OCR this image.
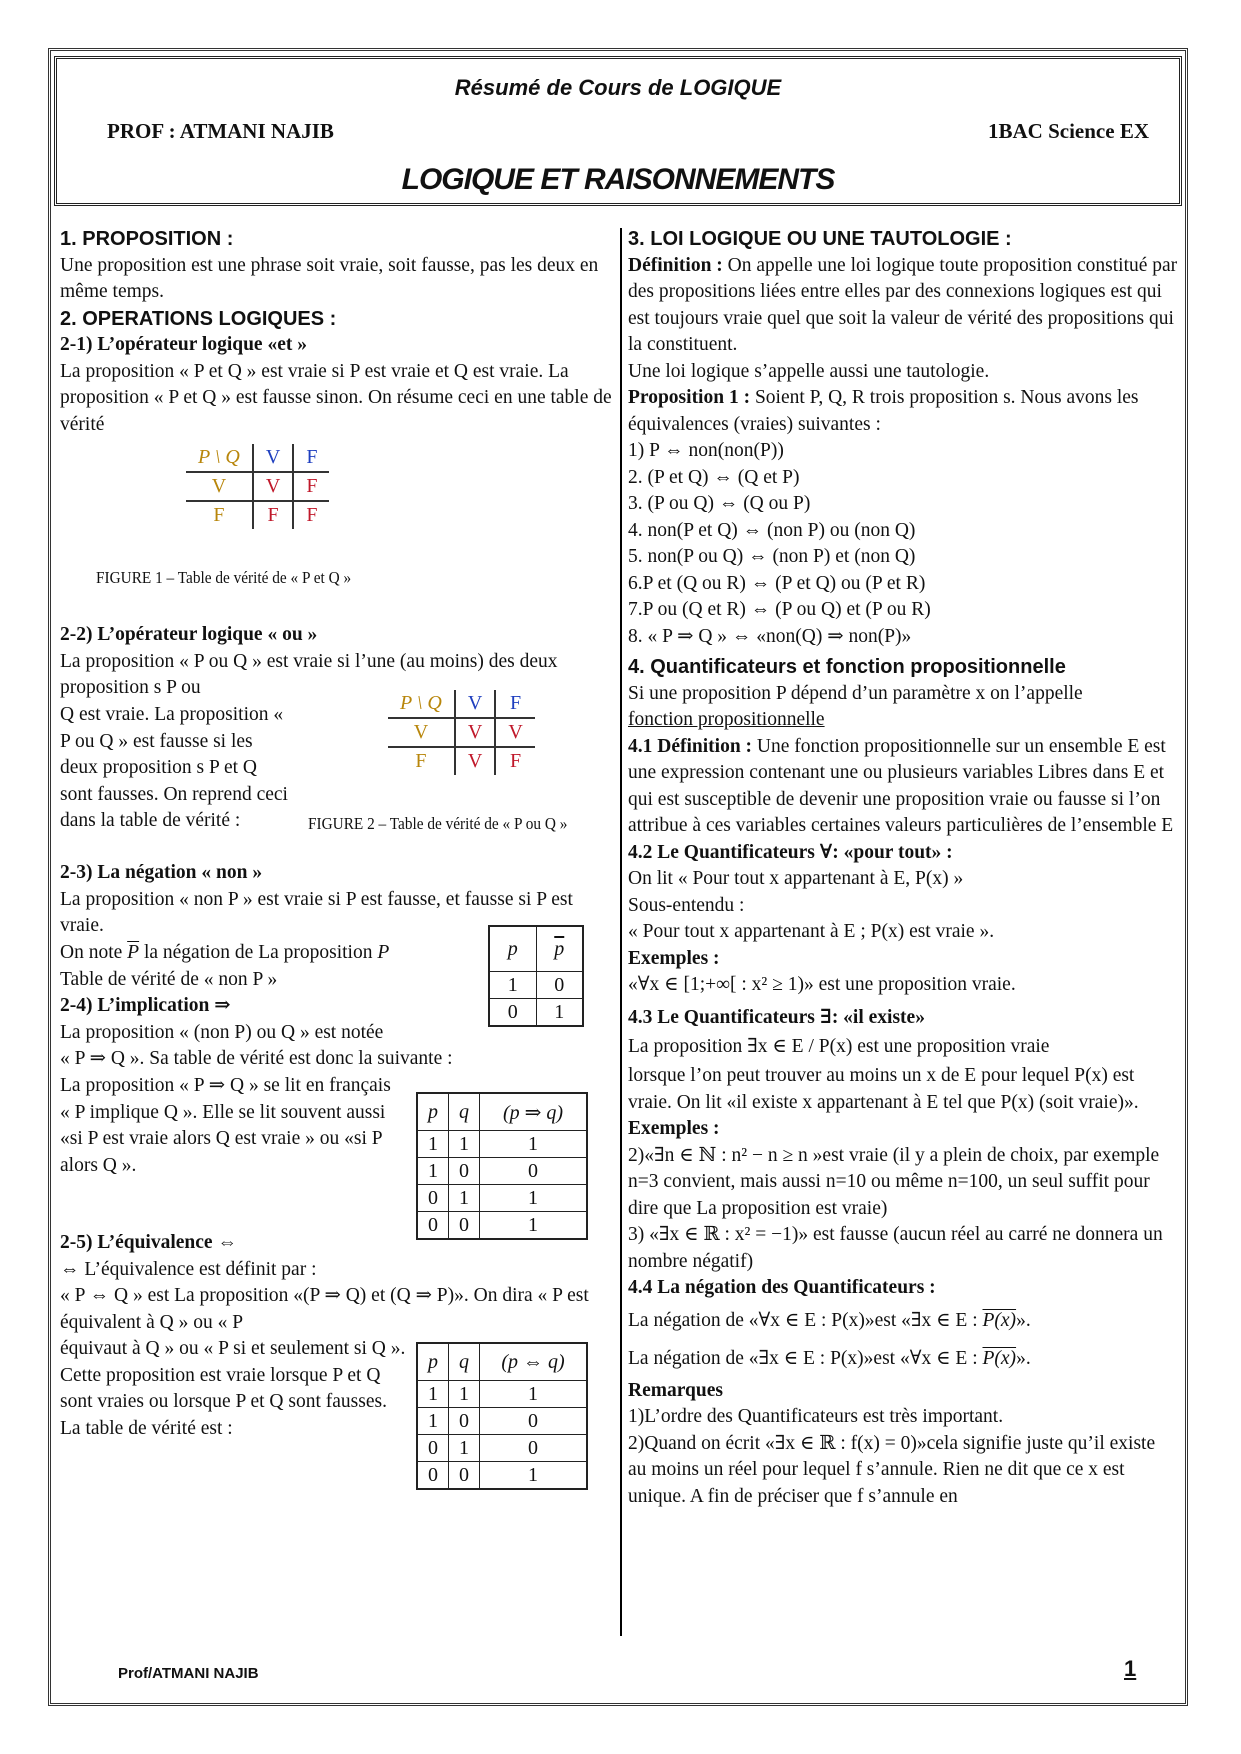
Résumé de Cours de LOGIQUE
PROF : ATMANI NAJIB	1BAC Science EX
LOGIQUE ET RAISONNEMENTS

1. PROPOSITION :

Une proposition est une phrase soit vraie, soit fausse, pas les deux en même temps.

2. OPERATIONS LOGIQUES :

2-1) L’opérateur logique «et »

La proposition « P et Q » est vraie si P est vraie et Q est vraie. La proposition « P et Q » est fausse sinon. On résume ceci en une table de vérité

P \ Q	V	F
V	V	F
F	F	F
FIGURE 1 – Table de vérité de « P et Q »

2-2) L’opérateur logique « ou »

La proposition « P ou Q » est vraie si l’une (au moins) des deux proposition s P ou

Q est vraie. La proposition « P ou Q » est fausse si les deux proposition s P et Q sont fausses. On reprend ceci dans la table de vérité :

P \ Q	V	F
V	V	V
F	V	F
FIGURE 2 – Table de vérité de « P ou Q »

2-3) La négation « non »

La proposition « non P » est vraie si P est fausse, et fausse si P est vraie.

On note $\overline{P}$ la négation de La proposition P

Table de vérité de « non P »

p	$\overline{p}$
1	0
0	1

2-4) L’implication ⇒

La proposition « (non P) ou Q » est notée

« P ⇒ Q ». Sa table de vérité est donc la suivante :

La proposition « P ⇒ Q » se lit en français

« P implique Q ». Elle se lit souvent aussi «si P est vraie alors Q est vraie » ou «si P alors Q ».

p	q	(p ⇒ q)
1	1	1
1	0	0
0	1	1
0	0	1

2-5) L’équivalence ⇔

⇔ L’équivalence est définit par :

« P ⇔ Q » est La proposition «(P ⇒ Q) et (Q ⇒ P)». On dira « P est équivalent à Q » ou « P

équivaut à Q » ou « P si et seulement si Q ». Cette proposition est vraie lorsque P et Q sont vraies ou lorsque P et Q sont fausses. La table de vérité est :

p	q	(p ⇔ q)
1	1	1
1	0	0
0	1	0
0	0	1

3. LOI LOGIQUE OU UNE TAUTOLOGIE :

Définition : On appelle une loi logique toute proposition constitué par des propositions liées entre elles par des connexions logiques est qui est toujours vraie quel que soit la valeur de vérité des propositions qui la constituent.

Une loi logique s’appelle aussi une tautologie.

Proposition 1 : Soient P, Q, R trois proposition s. Nous avons les équivalences (vraies) suivantes :

1) P ⇔ non(non(P))

2. (P et Q) ⇔ (Q et P)

3. (P ou Q) ⇔ (Q ou P)

4. non(P et Q) ⇔ (non P) ou (non Q)

5. non(P ou Q) ⇔ (non P) et (non Q)

6.P et (Q ou R) ⇔ (P et Q) ou (P et R)

7.P ou (Q et R) ⇔ (P ou Q) et (P ou R)

8. « P ⇒ Q » ⇔ «non(Q) ⇒ non(P)»

4. Quantificateurs et fonction propositionnelle

Si une proposition P dépend d’un paramètre x on l’appelle

fonction propositionnelle

4.1 Définition : Une fonction propositionnelle sur un ensemble E est une expression contenant une ou plusieurs variables Libres dans E et qui est susceptible de devenir une proposition vraie ou fausse si l’on attribue à ces variables certaines valeurs particulières de l’ensemble E

4.2 Le Quantificateurs ∀: «pour tout» :

On lit « Pour tout x appartenant à E, P(x) »

Sous-entendu :

« Pour tout x appartenant à E ; P(x) est vraie ».

Exemples :

«∀x ∈ [1;+∞[ : x² ≥ 1)» est une proposition vraie.

4.3 Le Quantificateurs ∃: «il existe»

La proposition ∃x ∈ E / P(x) est une proposition vraie

lorsque l’on peut trouver au moins un x de E pour lequel P(x) est vraie. On lit «il existe x appartenant à E tel que P(x) (soit vraie)».

Exemples :

2)«∃n ∈ ℕ : n² − n ≥ n »est vraie (il y a plein de choix, par exemple n=3 convient, mais aussi n=10 ou même n=100, un seul suffit pour dire que La proposition est vraie)

3) «∃x ∈ ℝ : x² = −1)» est fausse (aucun réel au carré ne donnera un nombre négatif)

4.4 La négation des Quantificateurs :

La négation de «∀x ∈ E : P(x)»est «∃x ∈ E : P(x)».

La négation de «∃x ∈ E : P(x)»est «∀x ∈ E : P(x)».

Remarques

1)L’ordre des Quantificateurs est très important.

2)Quand on écrit «∃x ∈ ℝ : f(x) = 0)»cela signifie juste qu’il existe au moins un réel pour lequel f s’annule. Rien ne dit que ce x est unique. A fin de préciser que f s’annule en

Prof/ATMANI NAJIB	1
